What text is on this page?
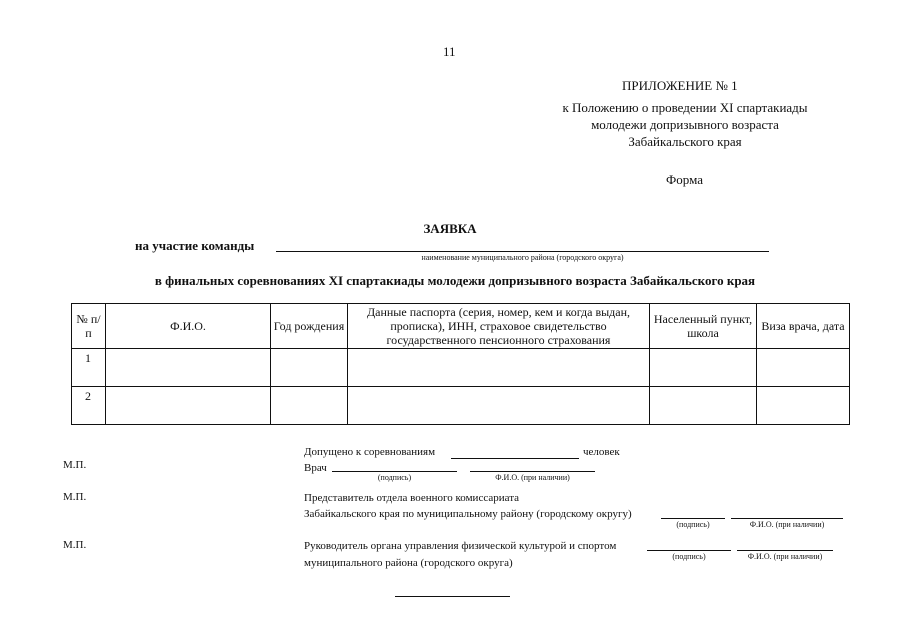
11
ПРИЛОЖЕНИЕ № 1
к Положению о проведении XI спартакиады
молодежи допризывного возраста
Забайкальского края
Форма
ЗАЯВКА
на участие команды
наименование муниципального района (городского округа)
в финальных соревнованиях XI спартакиады молодежи допризывного возраста Забайкальского края
№ п/п	Ф.И.О.	Год рождения	Данные паспорта (серия, номер, кем и когда выдан, прописка), ИНН, страховое свидетельство государственного пенсионного страхования	Населенный пункт, школа	Виза врача, дата
1					
2					
Допущено к соревнованиям	человек
М.П.	Врач
(подпись)	Ф.И.О. (при наличии)
М.П.	Представитель отдела военного комиссариата
Забайкальского края по муниципальному району (городскому округу)
(подпись)	Ф.И.О. (при наличии)
М.П.	Руководитель органа управления физической культурой и спортом
(подпись)	Ф.И.О. (при наличии)
муниципального района (городского округа)
